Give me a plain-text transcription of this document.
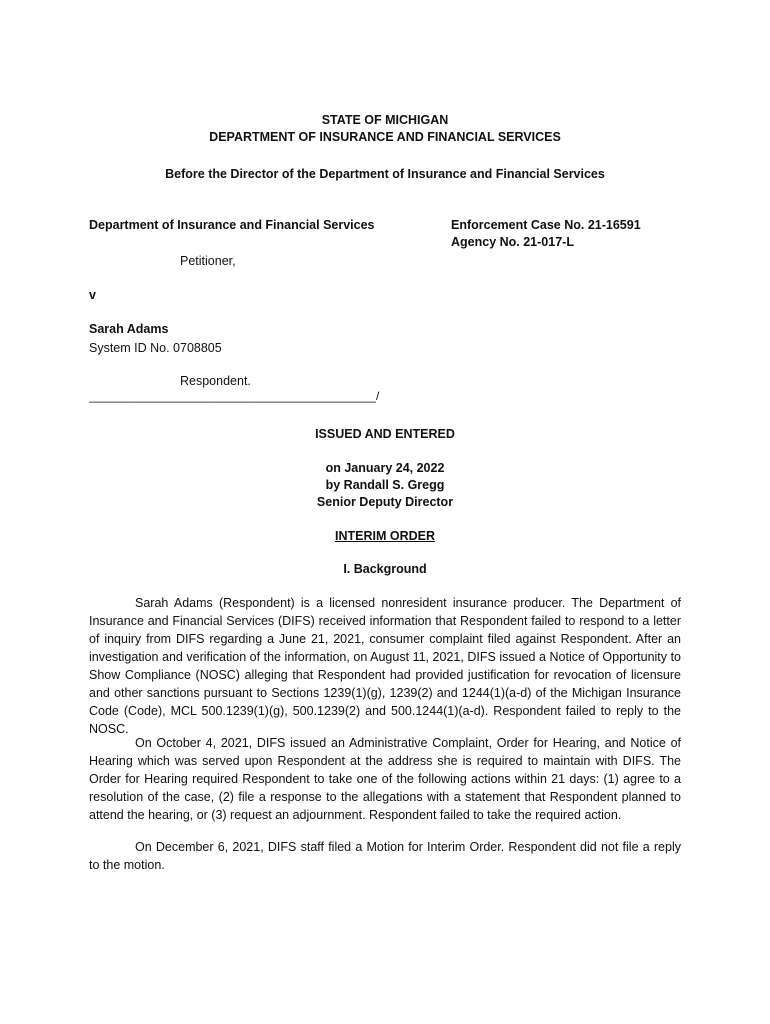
STATE OF MICHIGAN
DEPARTMENT OF INSURANCE AND FINANCIAL SERVICES
Before the Director of the Department of Insurance and Financial Services
Department of Insurance and Financial Services	Enforcement Case No. 21-16591
Agency No. 21-017-L
Petitioner,
v
Sarah Adams
System ID No. 0708805
Respondent.
___________________________________________/
ISSUED AND ENTERED
on January 24, 2022
by Randall S. Gregg
Senior Deputy Director
INTERIM ORDER
I. Background
Sarah Adams (Respondent) is a licensed nonresident insurance producer. The Department of Insurance and Financial Services (DIFS) received information that Respondent failed to respond to a letter of inquiry from DIFS regarding a June 21, 2021, consumer complaint filed against Respondent. After an investigation and verification of the information, on August 11, 2021, DIFS issued a Notice of Opportunity to Show Compliance (NOSC) alleging that Respondent had provided justification for revocation of licensure and other sanctions pursuant to Sections 1239(1)(g), 1239(2) and 1244(1)(a-d) of the Michigan Insurance Code (Code), MCL 500.1239(1)(g), 500.1239(2) and 500.1244(1)(a-d). Respondent failed to reply to the NOSC.
On October 4, 2021, DIFS issued an Administrative Complaint, Order for Hearing, and Notice of Hearing which was served upon Respondent at the address she is required to maintain with DIFS. The Order for Hearing required Respondent to take one of the following actions within 21 days: (1) agree to a resolution of the case, (2) file a response to the allegations with a statement that Respondent planned to attend the hearing, or (3) request an adjournment. Respondent failed to take the required action.
On December 6, 2021, DIFS staff filed a Motion for Interim Order. Respondent did not file a reply to the motion.
